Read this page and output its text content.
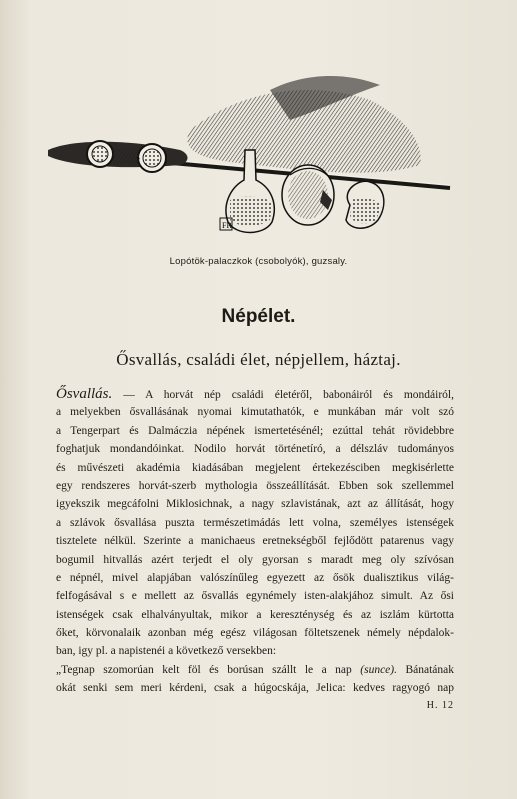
FR
Lopótök-palaczkok (csobolyók), guzsaly.
Népélet.
Ősvallás, családi élet, népjellem, háztaj.
Ősvallás. — A horvát nép családi életéről, babonáiról és mondáiról,
a melyekben ősvallásának nyomai kimutathatók, e munkában már volt szó
a Tengerpart és Dalmáczia népének ismertetésénél; ezúttal tehát rövidebbre
foghatjuk mondandóinkat. Nodilo horvát történetíró, a délszláv tudományos
és művészeti akadémia kiadásában megjelent értekezésciben megkisérlette
egy rendszeres horvát-szerb mythologia összeállítását. Ebben sok szellemmel
igyekszik megcáfolni Miklosichnak, a nagy szlavistának, azt az állítását, hogy
a szlávok ősvallása puszta természetimádás lett volna, személyes istenségek
tisztelete nélkül. Szerinte a manichaeus eretnekségből fejlődött patarenus vagy
bogumil hitvallás azért terjedt el oly gyorsan s maradt meg oly szívósan
e népnél, mivel alapjában valószínűleg egyezett az ősök dualisztikus világ-
felfogásával s e mellett az ősvallás egynémely isten-alakjához simult. Az ősi
istenségek csak elhalványultak, mikor a kereszténység és az iszlám kürtotta
őket, körvonalaik azonban még egész világosan föltetszenek némely népdalok-
ban, igy pl. a napistenéi a következő versekben:
„Tegnap szomorúan kelt föl és borúsan szállt le a nap (sunce). Bánatának
okát senki sem meri kérdeni, csak a húgocskája, Jelica: kedves ragyogó nap
H. 12
